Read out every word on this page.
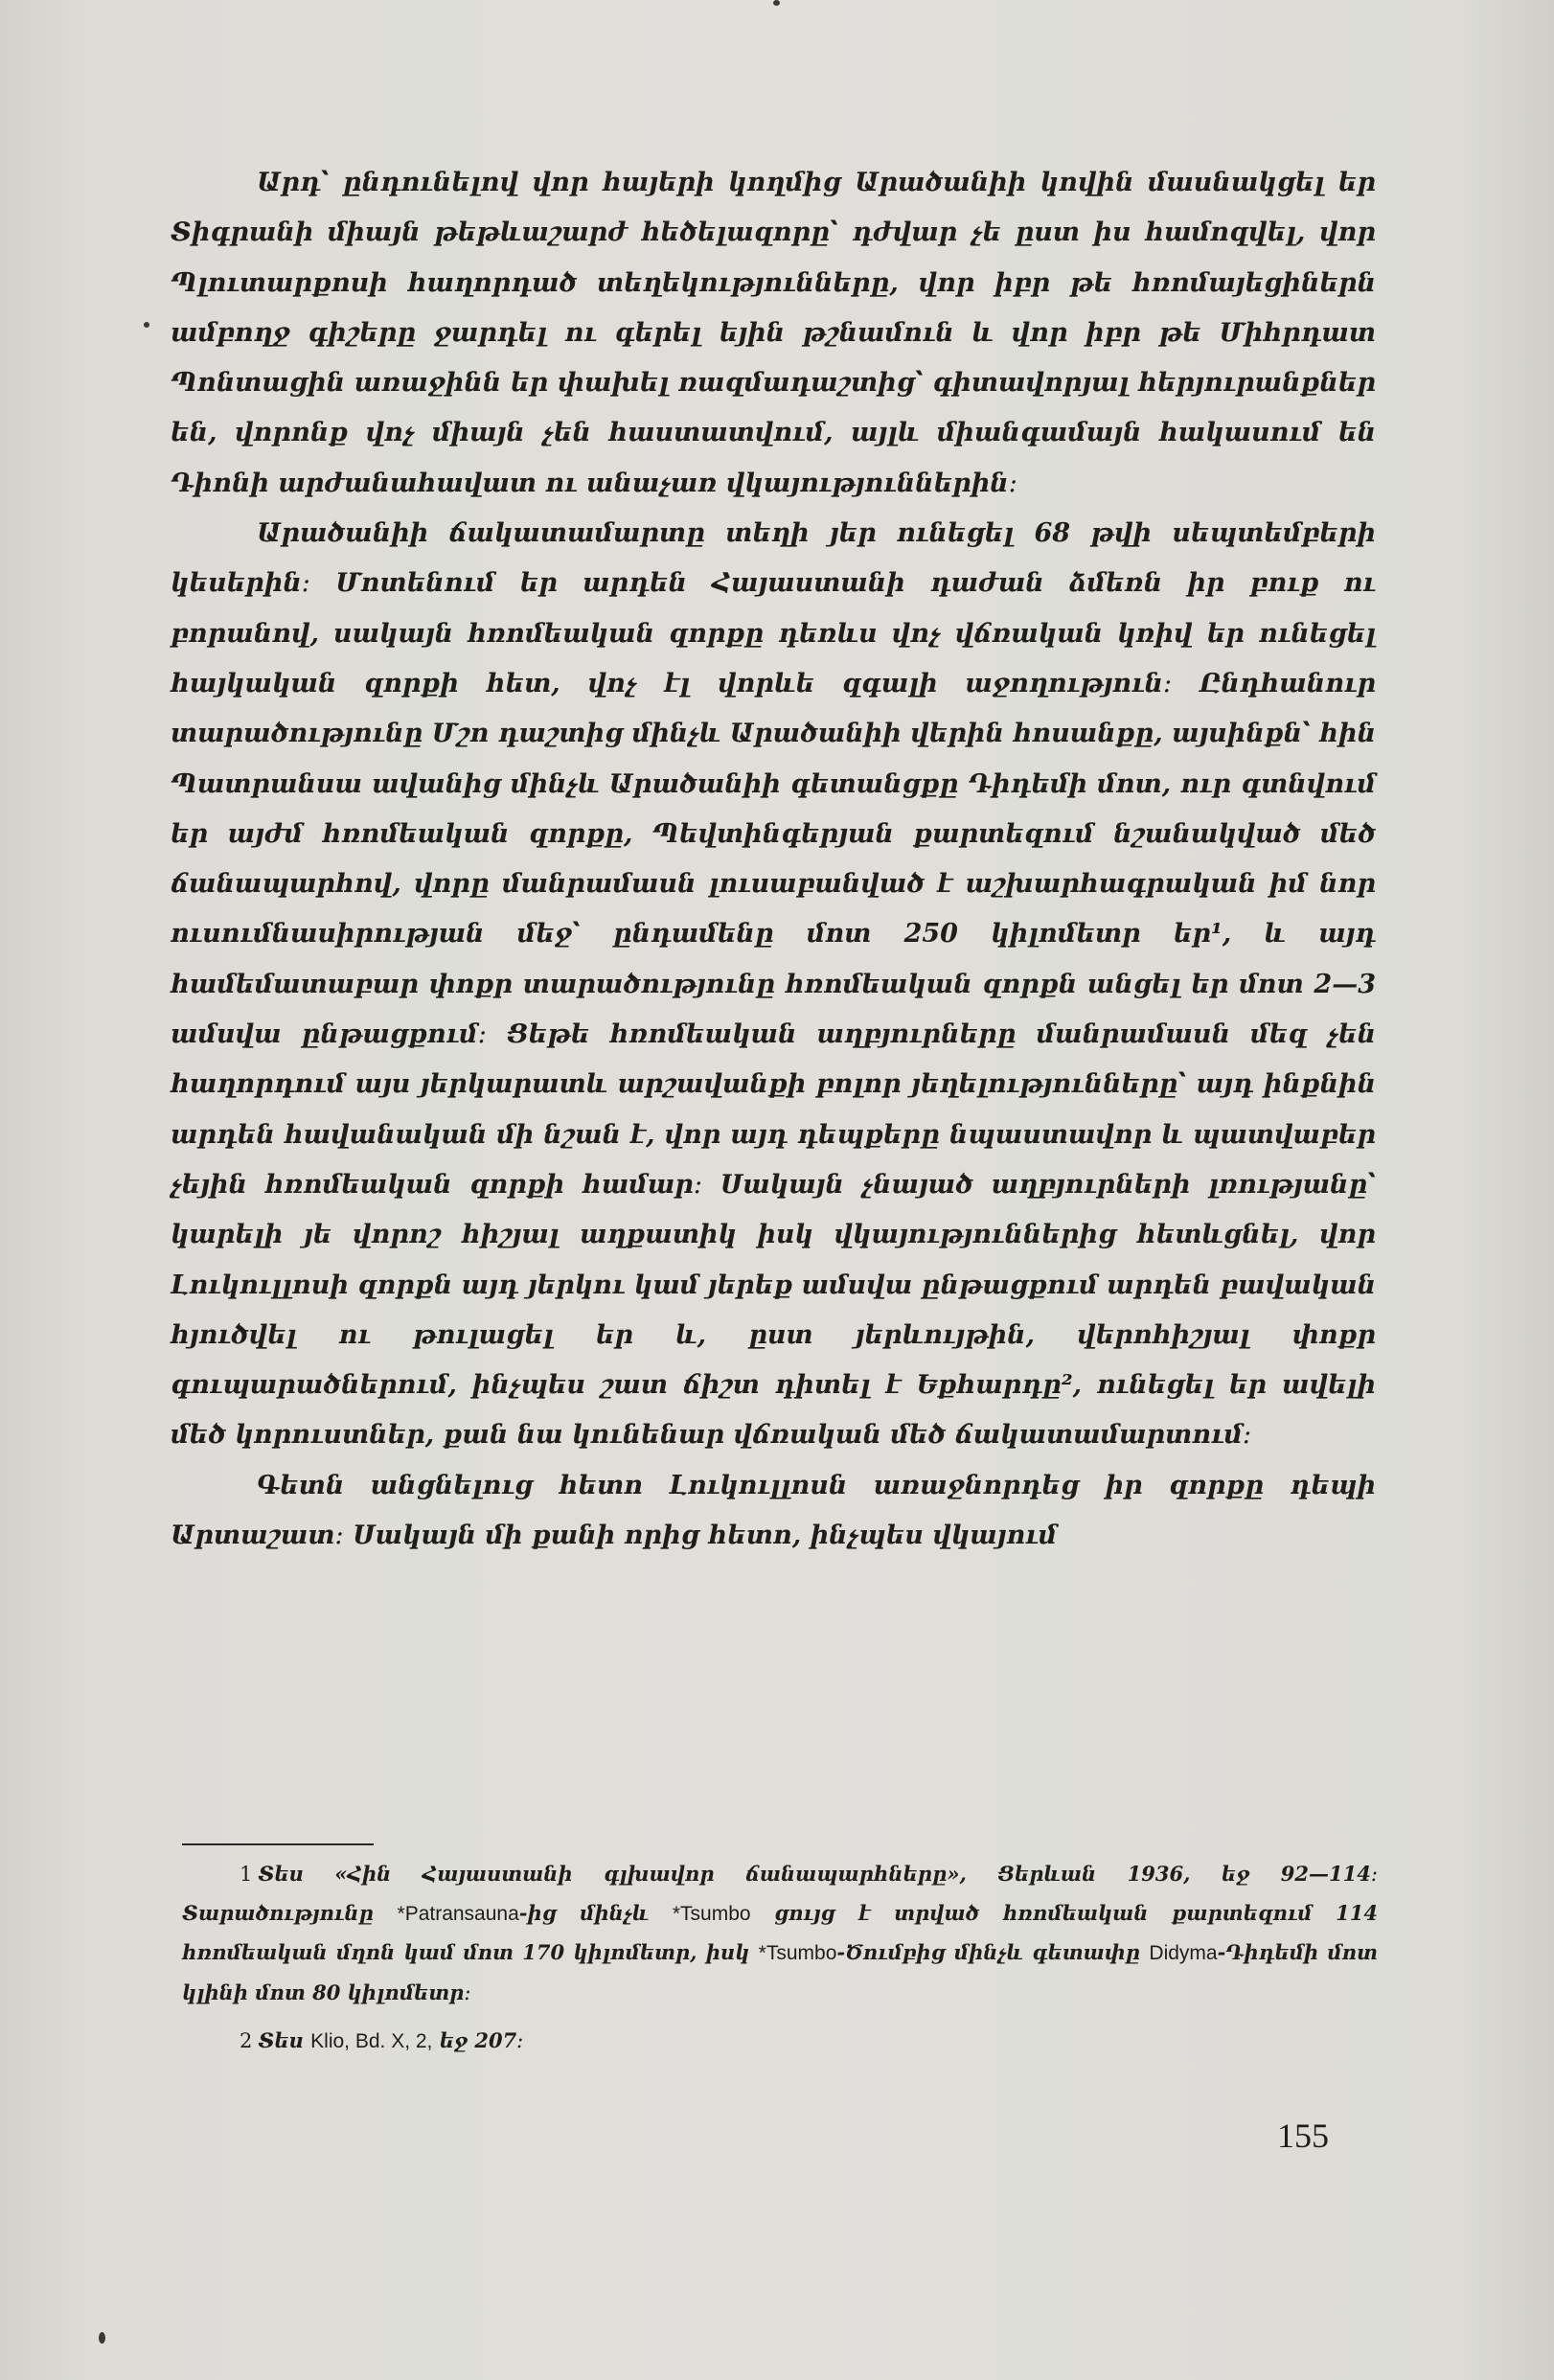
Արդ՝ ընդունելով վոր հայերի կողմից Արածանիի կովին մասնակցել եր Տիգրանի միայն թեթևաշարժ հեծելազորը՝ դժվար չե ըստ իս համոզվել, վոր Պլուտարքոսի հաղորդած տեղեկությունները, վոր իբր թե հռոմայեցիներն ամբողջ գիշերը ջարդել ու գերել եյին թշնամուն և վոր իբր թե Միհրդատ Պոնտացին առաջինն եր փախել ռազմադաշտից՝ գիտավորյալ հերյուրանքներ են, վորոնք վոչ միայն չեն հաստատվում, այլև միանգամայն հակասում են Դիոնի արժանահավատ ու անաչառ վկայություններին։

Արածանիի ճակատամարտը տեղի յեր ունեցել 68 թվի սեպտեմբերի կեսերին։ Մոտենում եր արդեն Հայաստանի դաժան ձմեռն իր բուք ու բորանով, սակայն հռոմեական զորքը դեռևս վոչ վճռական կռիվ եր ունեցել հայկական զորքի հետ, վոչ էլ վորևե զգալի աջողություն։ Ընդհանուր տարածությունը Մշո դաշտից մինչև Արածանիի վերին հոսանքը, այսինքն՝ հին Պատրանսա ավանից մինչև Արածանիի գետանցքը Դիդեմի մոտ, ուր գտնվում եր այժմ հռոմեական զորքը, Պեվտինգերյան քարտեզում նշանակված մեծ ճանապարհով, վորը մանրամասն լուսաբանված է աշխարհագրական իմ նոր ուսումնասիրության մեջ՝ ընդամենը մոտ 250 կիլոմետր եր¹, և այդ համեմատաբար փոքր տարածությունը հռոմեական զորքն անցել եր մոտ 2—3 ամսվա ընթացքում։ Ցեթե հռոմեական աղբյուրները մանրամասն մեզ չեն հաղորդում այս յերկարատև արշավանքի բոլոր յեղելությունները՝ այդ ինքնին արդեն հավանական մի նշան է, վոր այդ դեպքերը նպաստավոր և պատվաբեր չեյին հռոմեական զորքի համար։ Սակայն չնայած աղբյուրների լռությանը՝ կարելի յե վորոշ հիշյալ աղքատիկ իսկ վկայություններից հետևցնել, վոր Լուկուլլոսի զորքն այդ յերկու կամ յերեք ամսվա ընթացքում արդեն բավական հյուծվել ու թուլացել եր և, ըստ յերևույթին, վերոհիշյալ փոքր գուպարածներում, ինչպես շատ ճիշտ դիտել է Եքհարդը², ունեցել եր ավելի մեծ կորուստներ, քան նա կունենար վճռական մեծ ճակատամարտում։

Գետն անցնելուց հետո Լուկուլլոսն առաջնորդեց իր զորքը դեպի Արտաշատ։ Սակայն մի քանի որից հետո, ինչպես վկայում

1 Տես «Հին Հայաստանի գլխավոր ճանապարհները», Ցերևան 1936, եջ 92—114։ Տարածությունը *Patransauna-ից մինչև *Tsumbo ցույց է տրված հռոմեական քարտեզում 114 հռոմեական մղոն կամ մոտ 170 կիլոմետր, իսկ *Tsumbo-Ծումբից մինչև գետափը Didyma-Դիդեմի մոտ կլինի մոտ 80 կիլոմետր։

2 Տես Klio, Bd. X, 2, եջ 207։

155
